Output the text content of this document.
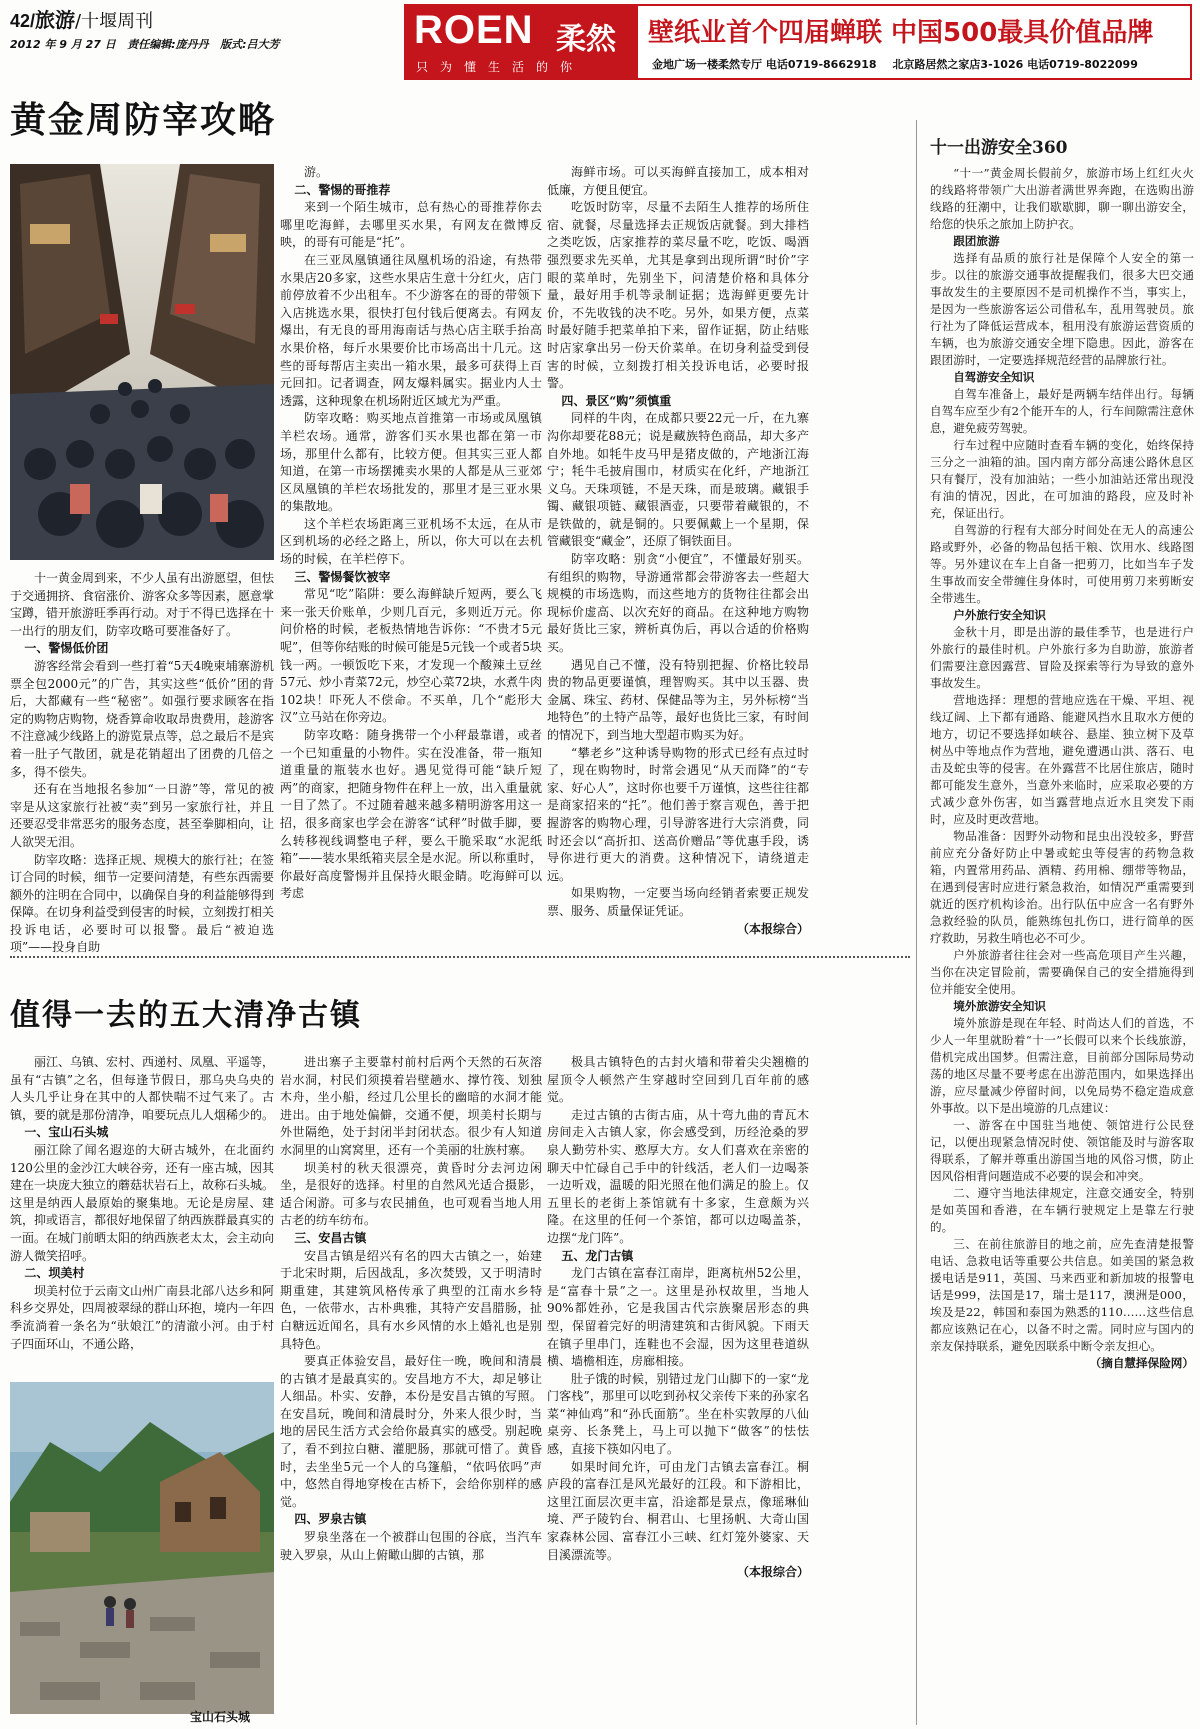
42/旅游/十堰周刊
2012 年 9 月 27 日 责任编辑:庞丹丹 版式:吕大芳	ROEN 柔然
只为懂生活的你
壁纸业首个四届蝉联 中国500最具价值品牌
金地广场一楼柔然专厅 电话0719-8662918 北京路居然之家店3-1026 电话0719-8022099
黄金周防宰攻略

十一黄金周到来，不少人虽有出游愿望，但怯于交通拥挤、食宿涨价、游客众多等因素，愿意掌宝蹲，错开旅游旺季再行动。对于不得已选择在十一出行的朋友们，防宰攻略可要准备好了。

一、警惕低价团

游客经常会看到一些打着“5天4晚柬埔寨游机票全包2000元”的广告，其实这些“低价”团的背后，大都藏有一些“秘密”。如强行要求顾客在指定的购物店购物，烧香算命收取昂贵费用，趁游客不注意减少线路上的游览景点等，总之最后不是宾着一肚子气散团，就是花销超出了团费的几倍之多，得不偿失。

还有在当地报名参加“一日游”等，常见的被宰是从这家旅行社被“卖”到另一家旅行社，并且还要忍受非常恶劣的服务态度，甚至拳脚相向，让人欲哭无泪。

防宰攻略：选择正规、规模大的旅行社；在签订合同的时候，细节一定要问清楚，有些东西需要额外的注明在合同中，以确保自身的利益能够得到保障。在切身利益受到侵害的时候，立刻拨打相关投诉电话，必要时可以报警。最后“被迫选项”——投身自助

游。

二、警惕的哥推荐

来到一个陌生城市，总有热心的哥推荐你去哪里吃海鲜，去哪里买水果，有网友在微博反映，的哥有可能是“托”。

在三亚凤凰镇通往凤凰机场的沿途，有热带水果店20多家，这些水果店生意十分红火，店门前停放着不少出租车。不少游客在的哥的带领下入店挑选水果，很快打包付钱后便离去。有网友爆出，有无良的哥用海南话与热心店主联手抬高水果价格，每斤水果要价比市场高出十几元。这些的哥每帮店主卖出一箱水果，最多可获得上百元回扣。记者调查，网友爆料属实。据业内人士透露，这种现象在机场附近区域尤为严重。

防宰攻略：购买地点首推第一市场或凤凰镇羊栏农场。通常，游客们买水果也都在第一市场，那里什么都有，比较方便。但其实三亚人都知道，在第一市场摆摊卖水果的人都是从三亚郊区凤凰镇的羊栏农场批发的，那里才是三亚水果的集散地。

这个羊栏农场距离三亚机场不太远，在从市区到机场的必经之路上，所以，你大可以在去机场的时候，在羊栏停下。

三、警惕餐饮被宰

常见“吃”陷阱：要么海鲜缺斤短两，要么飞来一张天价账单，少则几百元，多则近万元。你问价格的时候，老板热情地告诉你：“不贵才5元呢”，但等你结账的时候可能是5元钱一个或者5块钱一两。一顿饭吃下来，才发现一个酸辣土豆丝57元、炒小青菜72元，炒空心菜72块，水煮牛肉102块！吓死人不偿命。不买单，几个“彪形大汉”立马站在你旁边。

防宰攻略：随身携带一个小秤最靠谱，或者一个已知重量的小物件。实在没准备，带一瓶知道重量的瓶装水也好。遇见觉得可能“缺斤短两”的商家，把随身物件在秤上一放，出入重量就一目了然了。不过随着越来越多精明游客用这一招，很多商家也学会在游客“试秤”时做手脚，要么转移视线调整电子秤，要么干脆采取“水泥纸箱”——装水果纸箱夹层全是水泥。所以称重时，你最好高度警惕并且保持火眼金睛。吃海鲜可以考虑

海鲜市场。可以买海鲜直接加工，成本相对低廉，方便且便宜。

吃饭时防宰，尽量不去陌生人推荐的场所住宿、就餐，尽量选择去正规饭店就餐。到大排档之类吃饭，店家推荐的菜尽量不吃，吃饭、喝酒强烈要求先买单，尤其是拿到出现所谓“时价”字眼的菜单时，先别坐下，问清楚价格和具体分量，最好用手机等录制证据；选海鲜更要先计价，不先收钱的决不吃。另外，如果方便，点菜时最好随手把菜单拍下来，留作证据，防止结账时店家拿出另一份天价菜单。在切身利益受到侵害的时候，立刻拨打相关投诉电话，必要时报警。

四、景区“购”须慎重

同样的牛肉，在成都只要22元一斤，在九寨沟你却要花88元；说是藏族特色商品，却大多产自外地。如牦牛皮马甲是猪皮做的，产地浙江海宁；牦牛毛披肩围巾，材质实在化纤，产地浙江义乌。天珠项链，不是天珠，而是玻璃。藏银手镯、藏银项链、藏银酒壶，只要带着藏银的，不是铁做的，就是铜的。只要佩戴上一个星期，保管藏银变“藏金”，还原了铜铁面目。

防宰攻略：别贪“小便宜”，不懂最好别买。有组织的购物，导游通常都会带游客去一些超大规模的市场选购，而这些地方的货物往往都会出现标价虚高、以次充好的商品。在这种地方购物最好货比三家，辨析真伪后，再以合适的价格购买。

遇见自己不懂，没有特别把握、价格比较昂贵的物品更要谨慎，理智购买。其中以玉器、贵金属、珠宝、药材、保健品等为主，另外标榜“当地特色”的土特产品等，最好也货比三家，有时间的情况下，到当地大型超市购买为好。

“攀老乡”这种诱导购物的形式已经有点过时了，现在购物时，时常会遇见“从天而降”的“专家、好心人”，这时你也要千万谨慎，这些往往都是商家招来的“托”。他们善于察言观色，善于把握游客的购物心理，引导游客进行大宗消费，同时还会以“高折扣、送高价赠品”等优惠手段，诱导你进行更大的消费。这种情况下，请绕道走远。

如果购物，一定要当场向经销者索要正规发票、服务、质量保证凭证。

（本报综合）

值得一去的五大清净古镇

丽江、乌镇、宏村、西递村、凤凰、平遥等，虽有“古镇”之名，但每逢节假日，那乌央乌央的人头几乎让身在其中的人都快喘不过气来了。古镇，要的就是那份清净，咱要玩点儿人烟稀少的。

一、宝山石头城

丽江除了闻名遐迩的大研古城外，在北面约120公里的金沙江大峡谷旁，还有一座古城，因其建在一块庞大独立的蘑菇状岩石上，故称石头城。这里是纳西人最原始的聚集地。无论是房屋、建筑，抑或语言，都很好地保留了纳西族群最真实的一面。在城门前晒太阳的纳西族老太太，会主动向游人微笑招呼。

二、坝美村

坝美村位于云南文山州广南县北部八达乡和阿科乡交界处，四周被翠绿的群山环抱，境内一年四季流淌着一条名为“驮娘江”的清澈小河。由于村子四面环山，不通公路，

宝山石头城

进出寨子主要靠村前村后两个天然的石灰溶岩水洞，村民们须摸着岩壁趟水、撑竹筏、划独木舟，坐小船，经过几公里长的幽暗的水洞才能进出。由于地处偏僻，交通不便，坝美村长期与外世隔绝，处于封闭半封闭状态。很少有人知道水洞里的山窝窝里，还有一个美丽的壮族村寨。

坝美村的秋天很漂亮，黄昏时分去河边闲坐，是很好的选择。村里的自然风光适合摄影，适合闲游。可多与农民捕鱼，也可观看当地人用古老的纺车纺布。

三、安昌古镇

安昌古镇是绍兴有名的四大古镇之一，始建于北宋时期，后因战乱，多次焚毁，又于明清时期重建，其建筑风格传承了典型的江南水乡特色，一依带水，古朴典雅，其特产安昌腊肠，扯白糖远近闻名，具有水乡风情的水上婚礼也是别具特色。

要真正体验安昌，最好住一晚，晚间和清晨的古镇才是最真实的。安昌地方不大，却足够让人细品。朴实、安静，本份是安昌古镇的写照。在安昌玩，晚间和清晨时分，外来人很少时，当地的居民生活方式会给你最真实的感受。别起晚了，看不到拉白糖、灌肥肠，那就可惜了。黄昏时，去坐坐5元一个人的乌篷船，“依吗依吗”声中，悠然自得地穿梭在古桥下，会给你别样的感觉。

四、罗泉古镇

罗泉坐落在一个被群山包围的谷底，当汽车驶入罗泉，从山上俯瞰山脚的古镇，那

极具古镇特色的古封火墙和带着尖尖翘檐的屋顶令人顿然产生穿越时空回到几百年前的感觉。

走过古镇的古街古庙，从十弯九曲的青瓦木房间走入古镇人家，你会感受到，历经沧桑的罗泉人勤劳朴实、憨厚大方。女人们喜欢在亲密的聊天中忙碌自己手中的针线活，老人们一边喝茶一边听戏，温暖的阳光照在他们满足的脸上。仅五里长的老街上茶馆就有十多家，生意颇为兴隆。在这里的任何一个茶馆，都可以边喝盖茶，边摆“龙门阵”。

五、龙门古镇

龙门古镇在富春江南岸，距离杭州52公里，是“富春十景”之一。这里是孙权故里，当地人90%都姓孙，它是我国古代宗族聚居形态的典型，保留着完好的明清建筑和古街风貌。下雨天在镇子里串门，连鞋也不会湿，因为这里巷道纵横、墙檐相连，房廊相接。

肚子饿的时候，别错过龙门山脚下的一家“龙门客栈”，那里可以吃到孙权父亲传下来的孙家名菜“神仙鸡”和“孙氏面筋”。坐在朴实敦厚的八仙桌旁、长条凳上，马上可以抛下“做客”的怯怯感，直接下筷如闪电了。

如果时间允许，可由龙门古镇去富春江。桐庐段的富春江是风光最好的江段。和下游相比，这里江面层次更丰富，沿途都是景点，像瑶琳仙境、严子陵钓台、桐君山、七里扬帆、大奇山国家森林公园、富春江小三峡、红灯笼外婆家、天目溪漂流等。

（本报综合）

十一出游安全360

“十一”黄金周长假前夕，旅游市场上红红火火的线路将带领广大出游者满世界奔跑，在选购出游线路的狂潮中，让我们歇歇脚，聊一聊出游安全，给您的快乐之旅加上防护衣。

跟团旅游

选择有品质的旅行社是保障个人安全的第一步。以往的旅游交通事故提醒我们，很多大巴交通事故发生的主要原因不是司机操作不当，事实上，是因为一些旅游客运公司借私车，乱用驾驶员。旅行社为了降低运营成本，租用没有旅游运营资质的车辆，也为旅游交通安全埋下隐患。因此，游客在跟团游时，一定要选择规范经营的品牌旅行社。

自驾游安全知识

自驾车准备上，最好是两辆车结伴出行。每辆自驾车应至少有2个能开车的人，行车间隙需注意休息，避免疲劳驾驶。

行车过程中应随时查看车辆的变化，始终保持三分之一油箱的油。国内南方部分高速公路休息区只有餐厅，没有加油站；一些小加油站还常出现没有油的情况，因此，在可加油的路段，应及时补充，保证出行。

自驾游的行程有大部分时间处在无人的高速公路或野外，必备的物品包括干粮、饮用水、线路图等。另外建议在车上自备一把剪刀，比如当车子发生事故而安全带缠住身体时，可使用剪刀来剪断安全带逃生。

户外旅行安全知识

金秋十月，即是出游的最佳季节，也是进行户外旅行的最佳时机。户外旅行多为自助游，旅游者们需要注意因露营、冒险及探索等行为导致的意外事故发生。

营地选择：理想的营地应选在干燥、平坦、视线辽阔、上下都有通路、能避风挡水且取水方便的地方，切记不要选择如峡谷、悬崖、独立树下及草树丛中等地点作为营地，避免遭遇山洪、落石、电击及蛇虫等的侵害。在外露营不比居住旅店，随时都可能发生意外，当意外来临时，应采取必要的方式减少意外伤害，如当露营地点近水且突发下雨时，应及时更改营地。

物品准备：因野外动物和昆虫出没较多，野营前应充分备好防止中暑或蛇虫等侵害的药物急救箱，内置常用药品、酒精、药用棉、绷带等物品，在遇到侵害时应进行紧急救治，如情况严重需要到就近的医疗机构诊治。出行队伍中应含一名有野外急救经验的队员，能熟练包扎伤口，进行简单的医疗救助，另救生哨也必不可少。

户外旅游者往往会对一些高危项目产生兴趣，当你在决定冒险前，需要确保自己的安全措施得到位并能安全使用。

境外旅游安全知识

境外旅游是现在年轻、时尚达人们的首选，不少人一年里就盼着“十一”长假可以来个长线旅游，借机完成出国梦。但需注意，目前部分国际局势动荡的地区尽量不要考虑在出游范围内，如果选择出游，应尽量减少停留时间，以免局势不稳定造成意外事故。以下是出境游的几点建议：

一、游客在中国驻当地使、领馆进行公民登记，以便出现紧急情况时使、领馆能及时与游客取得联系，了解并尊重出游国当地的风俗习惯，防止因风俗相背问题造成不必要的误会和冲突。

二、遵守当地法律规定，注意交通安全，特别是如英国和香港，在车辆行驶规定上是靠左行驶的。

三、在前往旅游目的地之前，应先查清楚报警电话、急救电话等重要公共信息。如美国的紧急救援电话是911，英国、马来西亚和新加坡的报警电话是999，法国是17，瑞士是117，澳洲是000，埃及是22，韩国和泰国为熟悉的110……这些信息都应该熟记在心，以备不时之需。同时应与国内的亲友保持联系，避免因联系中断令亲友担心。

（摘自慧择保险网）
